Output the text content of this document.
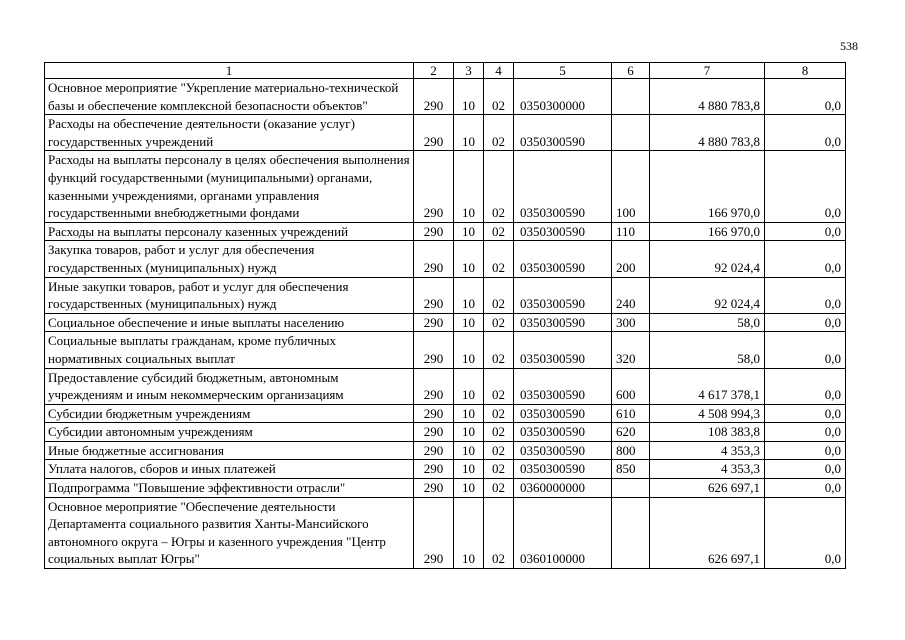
538
1	2	3	4	5	6	7	8
Основное мероприятие "Укрепление материально-технической базы и обеспечение комплексной безопасности объектов"	290	10	02	0350300000		4 880 783,8	0,0
Расходы на обеспечение деятельности (оказание услуг) государственных учреждений	290	10	02	0350300590		4 880 783,8	0,0
Расходы на выплаты персоналу в целях обеспечения выполнения функций государственными (муниципальными) органами, казенными учреждениями, органами управления государственными внебюджетными фондами	290	10	02	0350300590	100	166 970,0	0,0
Расходы на выплаты персоналу казенных учреждений	290	10	02	0350300590	110	166 970,0	0,0
Закупка товаров, работ и услуг для обеспечения государственных (муниципальных) нужд	290	10	02	0350300590	200	92 024,4	0,0
Иные закупки товаров, работ и услуг для обеспечения государственных (муниципальных) нужд	290	10	02	0350300590	240	92 024,4	0,0
Социальное обеспечение и иные выплаты населению	290	10	02	0350300590	300	58,0	0,0
Социальные выплаты гражданам, кроме публичных нормативных социальных выплат	290	10	02	0350300590	320	58,0	0,0
Предоставление субсидий бюджетным, автономным учреждениям и иным некоммерческим организациям	290	10	02	0350300590	600	4 617 378,1	0,0
Субсидии бюджетным учреждениям	290	10	02	0350300590	610	4 508 994,3	0,0
Субсидии автономным учреждениям	290	10	02	0350300590	620	108 383,8	0,0
Иные бюджетные ассигнования	290	10	02	0350300590	800	4 353,3	0,0
Уплата налогов, сборов и иных платежей	290	10	02	0350300590	850	4 353,3	0,0
Подпрограмма "Повышение эффективности отрасли"	290	10	02	0360000000		626 697,1	0,0
Основное мероприятие "Обеспечение деятельности Департамента социального развития Ханты-Мансийского автономного округа – Югры и казенного учреждения "Центр социальных выплат Югры"	290	10	02	0360100000		626 697,1	0,0
